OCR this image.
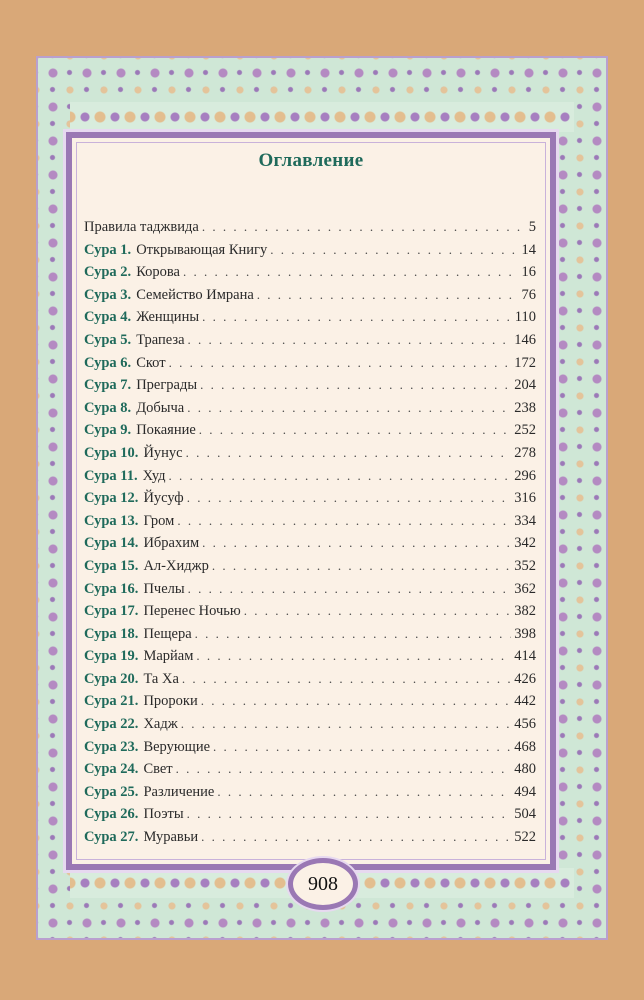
Оглавление
Правила таджвида . . .	5
Сура 1. Открывающая Книгу . . .	14
Сура 2. Корова . . .	16
Сура 3. Семейство Имрана . . .	76
Сура 4. Женщины . . .	110
Сура 5. Трапеза . . .	146
Сура 6. Скот . . .	172
Сура 7. Преграды . . .	204
Сура 8. Добыча . . .	238
Сура 9. Покаяние . . .	252
Сура 10. Йунус . . .	278
Сура 11. Худ . . .	296
Сура 12. Йусуф . . .	316
Сура 13. Гром . . .	334
Сура 14. Ибрахим . . .	342
Сура 15. Ал-Хиджр . . .	352
Сура 16. Пчелы . . .	362
Сура 17. Перенес Ночью . . .	382
Сура 18. Пещера . . .	398
Сура 19. Марйам . . .	414
Сура 20. Та Ха . . .	426
Сура 21. Пророки . . .	442
Сура 22. Хадж . . .	456
Сура 23. Верующие . . .	468
Сура 24. Свет . . .	480
Сура 25. Различение . . .	494
Сура 26. Поэты . . .	504
Сура 27. Муравьи . . .	522
908
